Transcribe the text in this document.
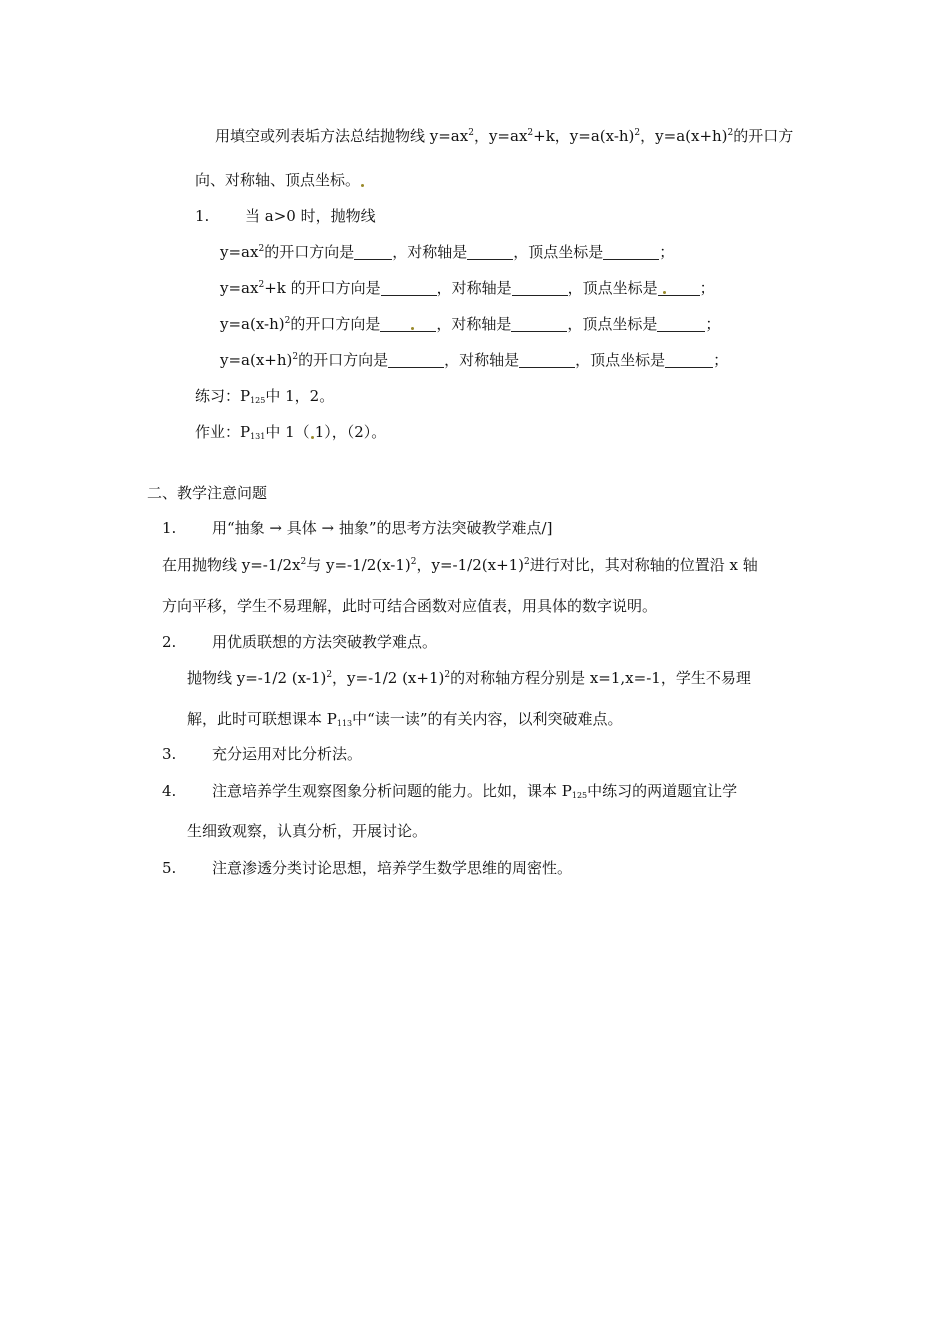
用填空或列表垢方法总结抛物线 $y=ax^2$，$y=ax^2+k$，$y=a(x-h)^2$，$y=a(x+h)^2$的开口方
向、对称轴、顶点坐标。
1. 当 a>0 时，抛物线
$y=ax^2$的开口方向是	，对称轴是	，顶点坐标是	；
$y=ax^2+k$ 的开口方向是	，对称轴是	，顶点坐标是	；
$y=a(x-h)^2$的开口方向是	，对称轴是	，顶点坐标是	；
$y=a(x+h)^2$的开口方向是	，对称轴是	，顶点坐标是	；
练习：$P_{125}$中 1，2。
作业：$P_{131}$中 1（ 1），（2）。
二、教学注意问题
1. 用“抽象 → 具体 → 抽象”的思考方法突破教学难点/]
在用抛物线 $y=-1/2x^2$与 $y=-1/2(x-1)^2$，$y=-1/2(x+1)^2$进行对比，其对称轴的位置沿 x 轴
方向平移，学生不易理解，此时可结合函数对应值表，用具体的数字说明。
2. 用优质联想的方法突破教学难点。
抛物线 y=-1/2 $(x-1)^2$，y=-1/2 $(x+1)^2$的对称轴方程分别是 x=1,x=-1，学生不易理
解，此时可联想课本 $P_{113}$中“读一读”的有关内容，以利突破难点。
3. 充分运用对比分析法。
4. 注意培养学生观察图象分析问题的能力。比如，课本 $P_{125}$中练习的两道题宜让学
生细致观察，认真分析，开展讨论。
5. 注意渗透分类讨论思想，培养学生数学思维的周密性。
